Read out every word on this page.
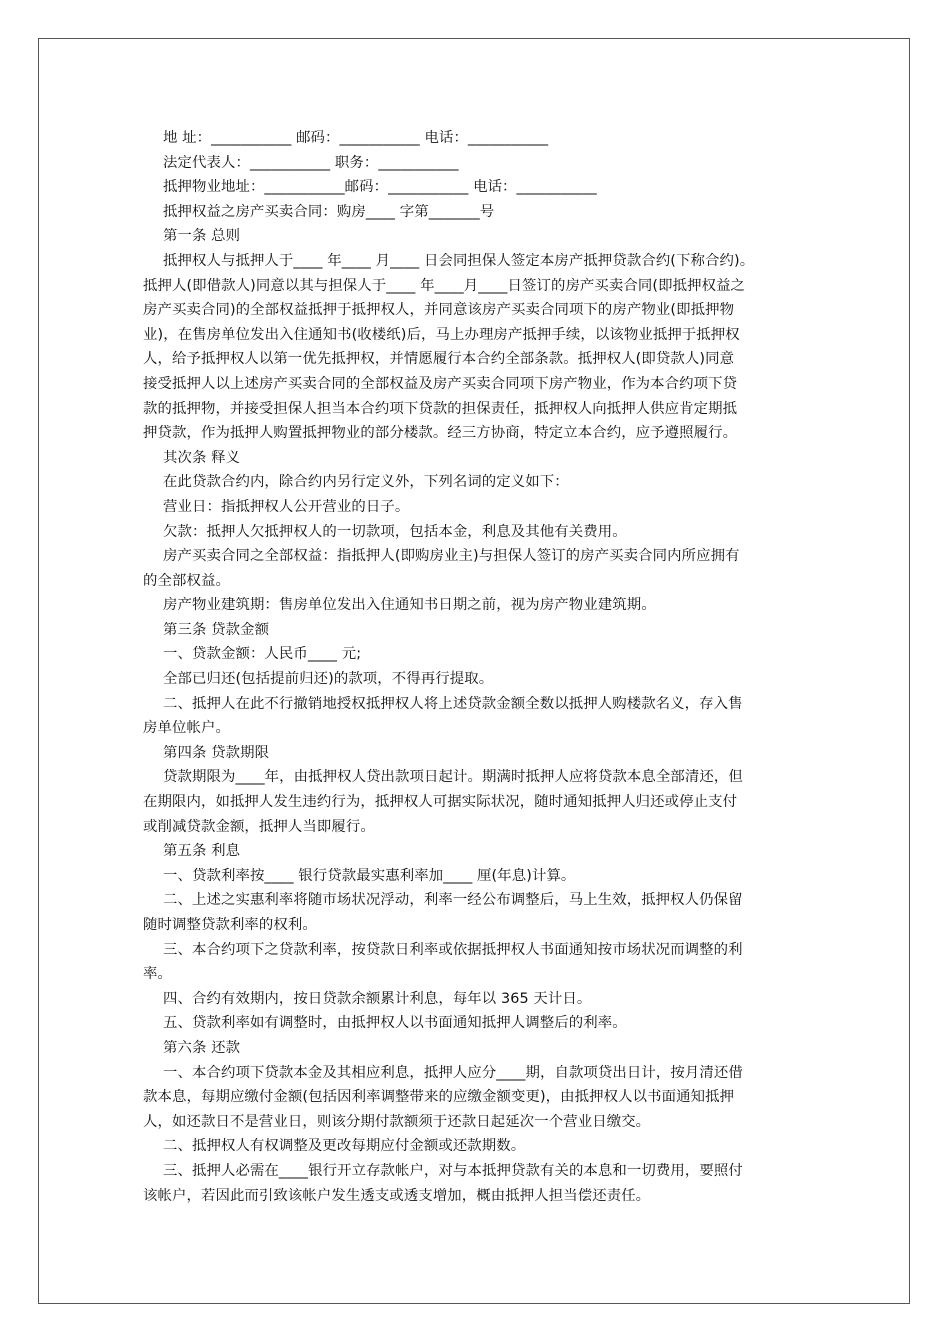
地 址：___________ 邮码：___________ 电话：___________

法定代表人：___________ 职务：___________

抵押物业地址：___________邮码：___________ 电话：___________

抵押权益之房产买卖合同：购房____ 字第_______号

第一条 总则

抵押权人与抵押人于____ 年____ 月____ 日会同担保人签定本房产抵押贷款合约(下称合约)。

抵押人(即借款人)同意以其与担保人于____ 年____月____日签订的房产买卖合同(即抵押权益之

房产买卖合同)的全部权益抵押于抵押权人，并同意该房产买卖合同项下的房产物业(即抵押物

业)，在售房单位发出入住通知书(收楼纸)后，马上办理房产抵押手续，以该物业抵押于抵押权

人，给予抵押权人以第一优先抵押权，并情愿履行本合约全部条款。抵押权人(即贷款人)同意

接受抵押人以上述房产买卖合同的全部权益及房产买卖合同项下房产物业，作为本合约项下贷

款的抵押物，并接受担保人担当本合约项下贷款的担保责任，抵押权人向抵押人供应肯定期抵

押贷款，作为抵押人购置抵押物业的部分楼款。经三方协商，特定立本合约，应予遵照履行。

其次条 释义

在此贷款合约内，除合约内另行定义外，下列名词的定义如下：

营业日：指抵押权人公开营业的日子。

欠款：抵押人欠抵押权人的一切款项，包括本金，利息及其他有关费用。

房产买卖合同之全部权益：指抵押人(即购房业主)与担保人签订的房产买卖合同内所应拥有

的全部权益。

房产物业建筑期：售房单位发出入住通知书日期之前，视为房产物业建筑期。

第三条 贷款金额

一、贷款金额：人民币____ 元;

全部已归还(包括提前归还)的款项，不得再行提取。

二、抵押人在此不行撤销地授权抵押权人将上述贷款金额全数以抵押人购楼款名义，存入售

房单位帐户。

第四条 贷款期限

贷款期限为____年，由抵押权人贷出款项日起计。期满时抵押人应将贷款本息全部清还，但

在期限内，如抵押人发生违约行为，抵押权人可据实际状况，随时通知抵押人归还或停止支付

或削减贷款金额，抵押人当即履行。

第五条 利息

一、贷款利率按____ 银行贷款最实惠利率加____ 厘(年息)计算。

二、上述之实惠利率将随市场状况浮动，利率一经公布调整后，马上生效，抵押权人仍保留

随时调整贷款利率的权利。

三、本合约项下之贷款利率，按贷款日利率或依据抵押权人书面通知按市场状况而调整的利

率。

四、合约有效期内，按日贷款余额累计利息，每年以 365 天计日。

五、贷款利率如有调整时，由抵押权人以书面通知抵押人调整后的利率。

第六条 还款

一、本合约项下贷款本金及其相应利息，抵押人应分____期，自款项贷出日计，按月清还借

款本息，每期应缴付金额(包括因利率调整带来的应缴金额变更)，由抵押权人以书面通知抵押

人，如还款日不是营业日，则该分期付款额须于还款日起延次一个营业日缴交。

二、抵押权人有权调整及更改每期应付金额或还款期数。

三、抵押人必需在____银行开立存款帐户，对与本抵押贷款有关的本息和一切费用，要照付

该帐户，若因此而引致该帐户发生透支或透支增加，概由抵押人担当偿还责任。
